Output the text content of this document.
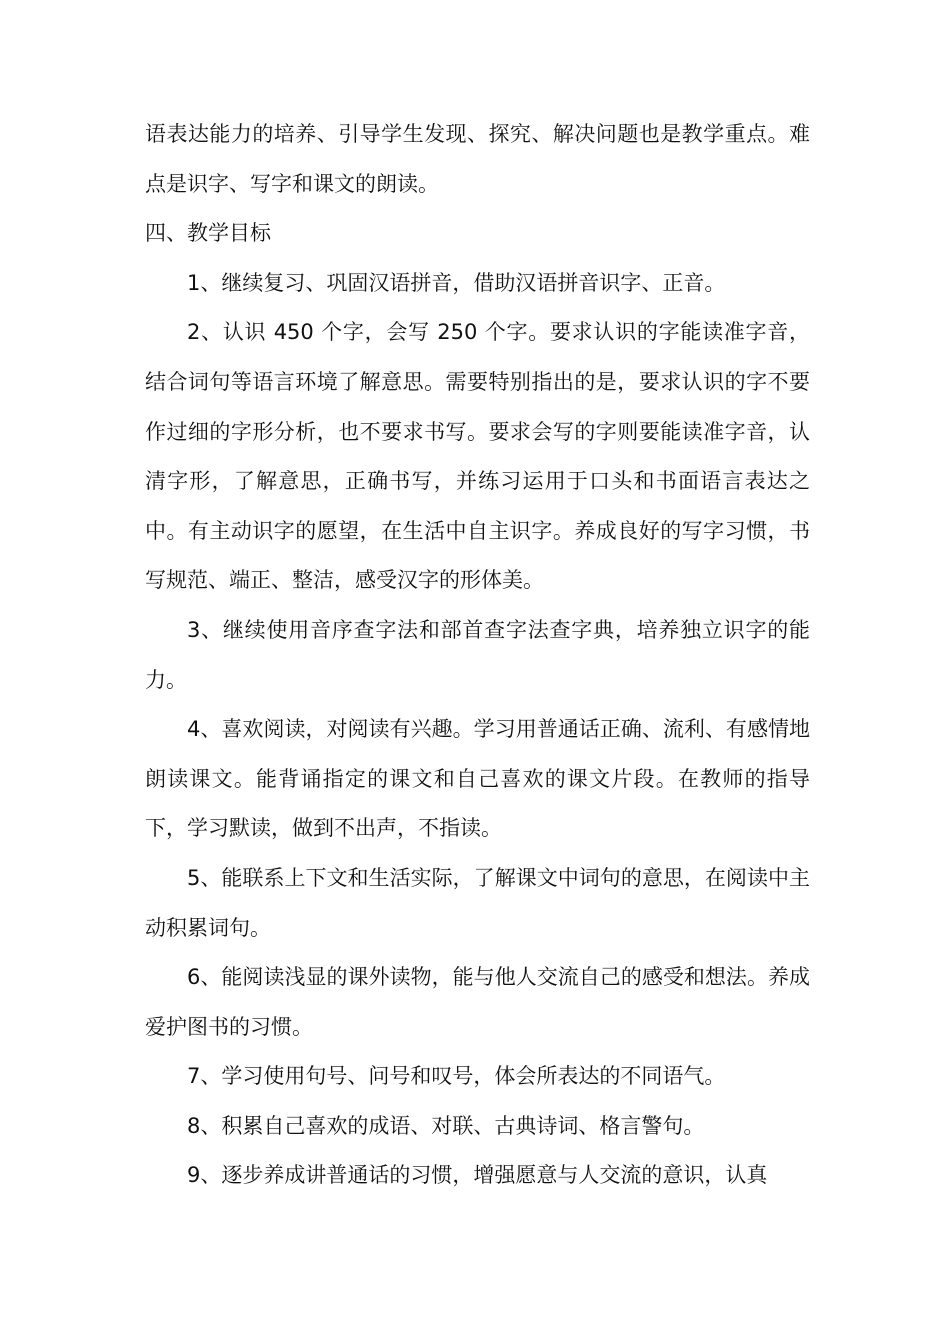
语表达能力的培养、引导学生发现、探究、解决问题也是教学重点。难点是识字、写字和课文的朗读。

四、教学目标

1、继续复习、巩固汉语拼音，借助汉语拼音识字、正音。

2、认识 450 个字，会写 250 个字。要求认识的字能读准字音，结合词句等语言环境了解意思。需要特别指出的是，要求认识的字不要作过细的字形分析，也不要求书写。要求会写的字则要能读准字音，认清字形，了解意思，正确书写，并练习运用于口头和书面语言表达之中。有主动识字的愿望，在生活中自主识字。养成良好的写字习惯，书写规范、端正、整洁，感受汉字的形体美。

3、继续使用音序查字法和部首查字法查字典，培养独立识字的能力。

4、喜欢阅读，对阅读有兴趣。学习用普通话正确、流利、有感情地朗读课文。能背诵指定的课文和自己喜欢的课文片段。在教师的指导下，学习默读，做到不出声，不指读。

5、能联系上下文和生活实际，了解课文中词句的意思，在阅读中主动积累词句。

6、能阅读浅显的课外读物，能与他人交流自己的感受和想法。养成爱护图书的习惯。

7、学习使用句号、问号和叹号，体会所表达的不同语气。

8、积累自己喜欢的成语、对联、古典诗词、格言警句。

9、逐步养成讲普通话的习惯，增强愿意与人交流的意识，认真
